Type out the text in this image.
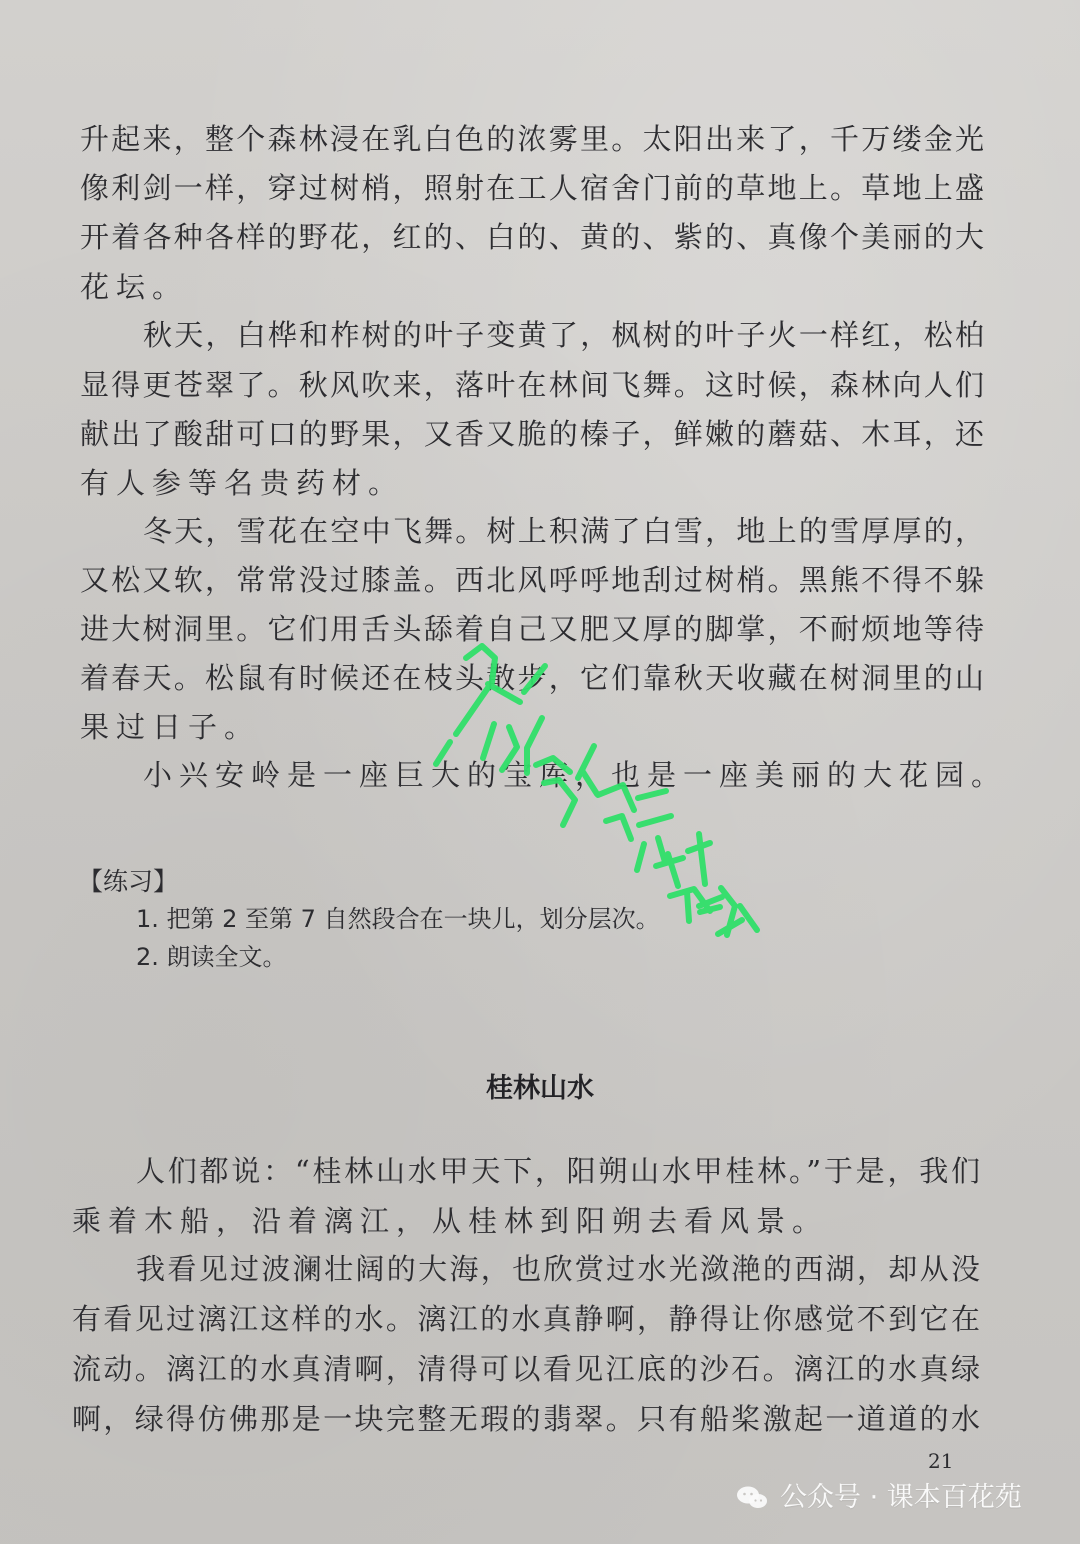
升起来，整个森林浸在乳白色的浓雾里。太阳出来了，千万缕金光
像利剑一样，穿过树梢，照射在工人宿舍门前的草地上。草地上盛
开着各种各样的野花，红的、白的、黄的、紫的、真像个美丽的大
花坛。
秋天，白桦和柞树的叶子变黄了，枫树的叶子火一样红，松柏
显得更苍翠了。秋风吹来，落叶在林间飞舞。这时候，森林向人们
献出了酸甜可口的野果，又香又脆的榛子，鲜嫩的蘑菇、木耳，还
有人参等名贵药材。
冬天，雪花在空中飞舞。树上积满了白雪，地上的雪厚厚的，
又松又软，常常没过膝盖。西北风呼呼地刮过树梢。黑熊不得不躲
进大树洞里。它们用舌头舔着自己又肥又厚的脚掌，不耐烦地等待
着春天。松鼠有时候还在枝头散步，它们靠秋天收藏在树洞里的山
果过日子。
小兴安岭是一座巨大的宝库，也是一座美丽的大花园。
【练习】
1. 把第 2 至第 7 自然段合在一块儿，划分层次。
2. 朗读全文。
桂林山水
人们都说：“桂林山水甲天下，阳朔山水甲桂林。”于是，我们
乘着木船，沿着漓江，从桂林到阳朔去看风景。
我看见过波澜壮阔的大海，也欣赏过水光潋滟的西湖，却从没
有看见过漓江这样的水。漓江的水真静啊，静得让你感觉不到它在
流动。漓江的水真清啊，清得可以看见江底的沙石。漓江的水真绿
啊，绿得仿佛那是一块完整无瑕的翡翠。只有船桨激起一道道的水
21
公众号 · 课本百花苑
